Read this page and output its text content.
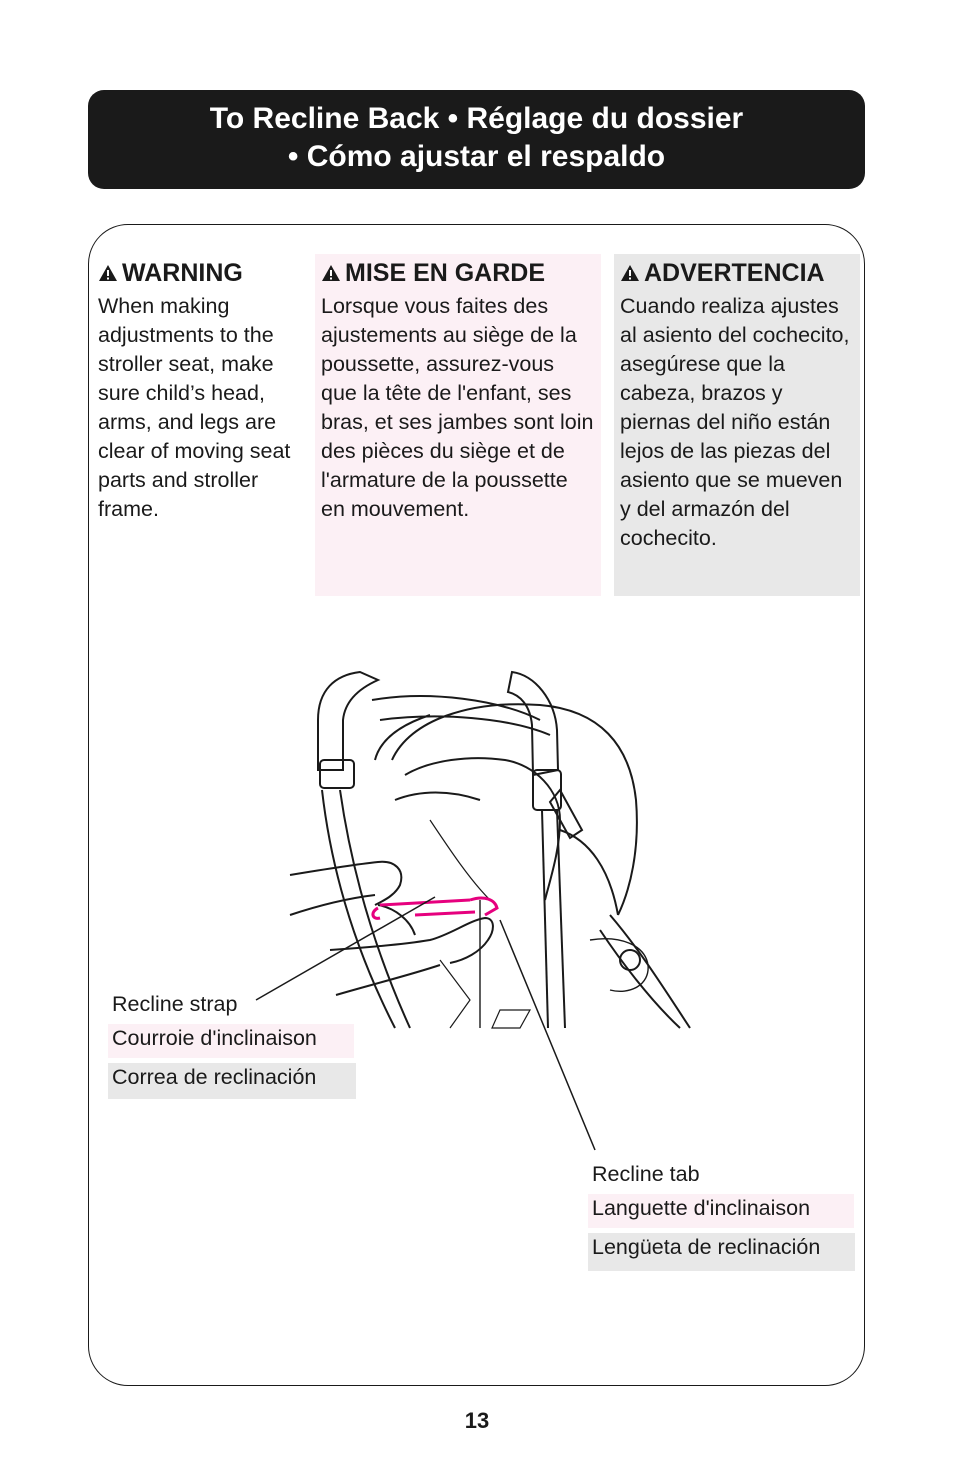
To Recline Back • Réglage du dossier
• Cómo ajustar el respaldo
WARNING
When making adjustments to the stroller seat, make sure child’s head, arms, and legs are clear of moving seat parts and stroller frame.
MISE EN GARDE
Lorsque vous faites des ajustements au siège de la poussette, assurez-vous que la tête de l'enfant, ses bras, et ses jambes sont loin des pièces du siège et de l'armature de la poussette en mouvement.
ADVERTENCIA
Cuando realiza ajustes al asiento del cochecito, asegúrese que la cabeza, brazos y piernas del niño están lejos de las piezas del asiento que se mueven y del armazón del cochecito.
Recline strap
Courroie d'inclinaison
Correa de reclinación
Recline tab
Languette d'inclinaison
Lengüeta de reclinación
13
